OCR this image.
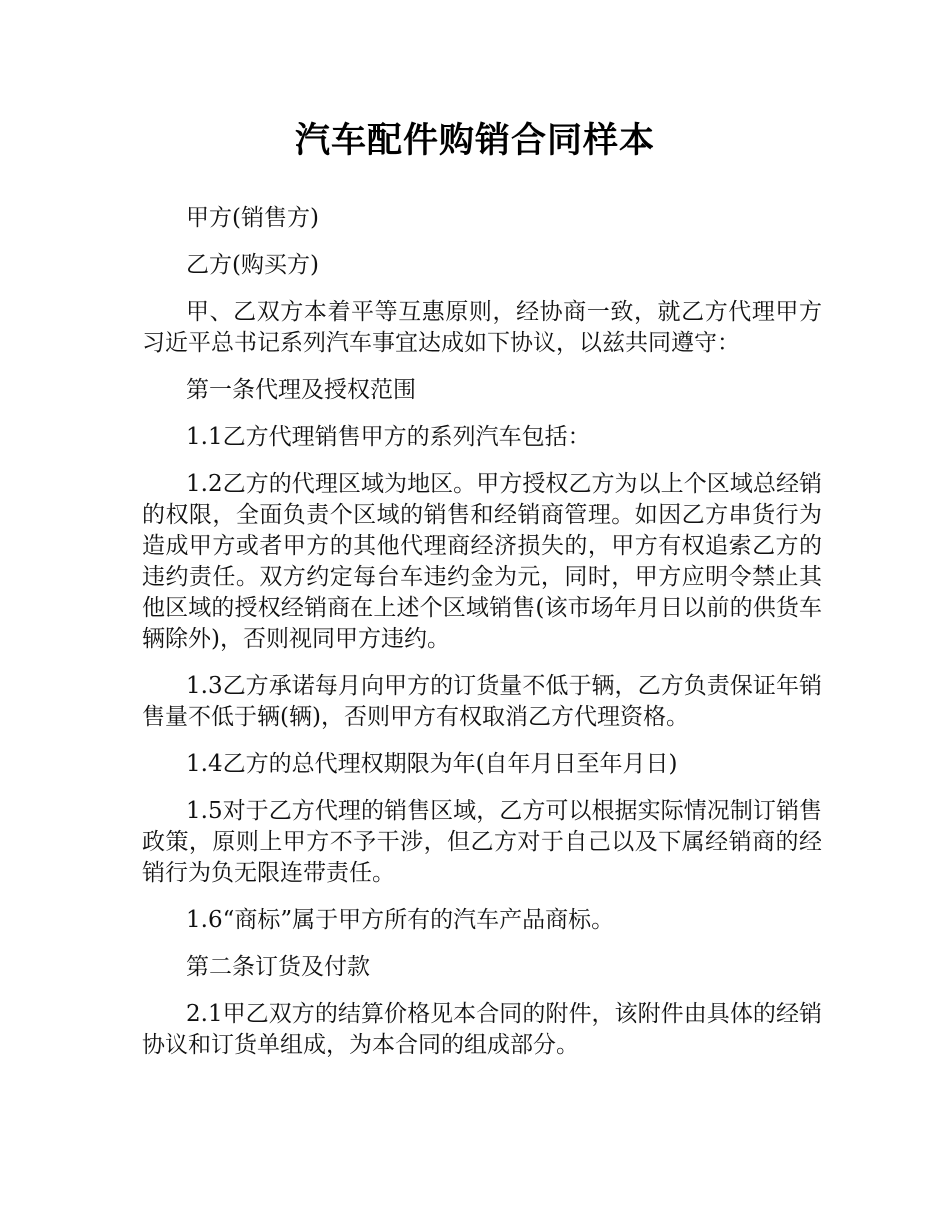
汽车配件购销合同样本

甲方(销售方)

乙方(购买方)

甲、乙双方本着平等互惠原则，经协商一致，就乙方代理甲方习近平总书记系列汽车事宜达成如下协议，以兹共同遵守：

第一条代理及授权范围

1.1乙方代理销售甲方的系列汽车包括：

1.2乙方的代理区域为地区。甲方授权乙方为以上个区域总经销的权限，全面负责个区域的销售和经销商管理。如因乙方串货行为造成甲方或者甲方的其他代理商经济损失的，甲方有权追索乙方的违约责任。双方约定每台车违约金为元，同时，甲方应明令禁止其他区域的授权经销商在上述个区域销售(该市场年月日以前的供货车辆除外)，否则视同甲方违约。

1.3乙方承诺每月向甲方的订货量不低于辆，乙方负责保证年销售量不低于辆(辆)，否则甲方有权取消乙方代理资格。

1.4乙方的总代理权期限为年(自年月日至年月日)

1.5对于乙方代理的销售区域，乙方可以根据实际情况制订销售政策，原则上甲方不予干涉，但乙方对于自己以及下属经销商的经销行为负无限连带责任。

1.6“商标”属于甲方所有的汽车产品商标。

第二条订货及付款

2.1甲乙双方的结算价格见本合同的附件，该附件由具体的经销协议和订货单组成，为本合同的组成部分。
